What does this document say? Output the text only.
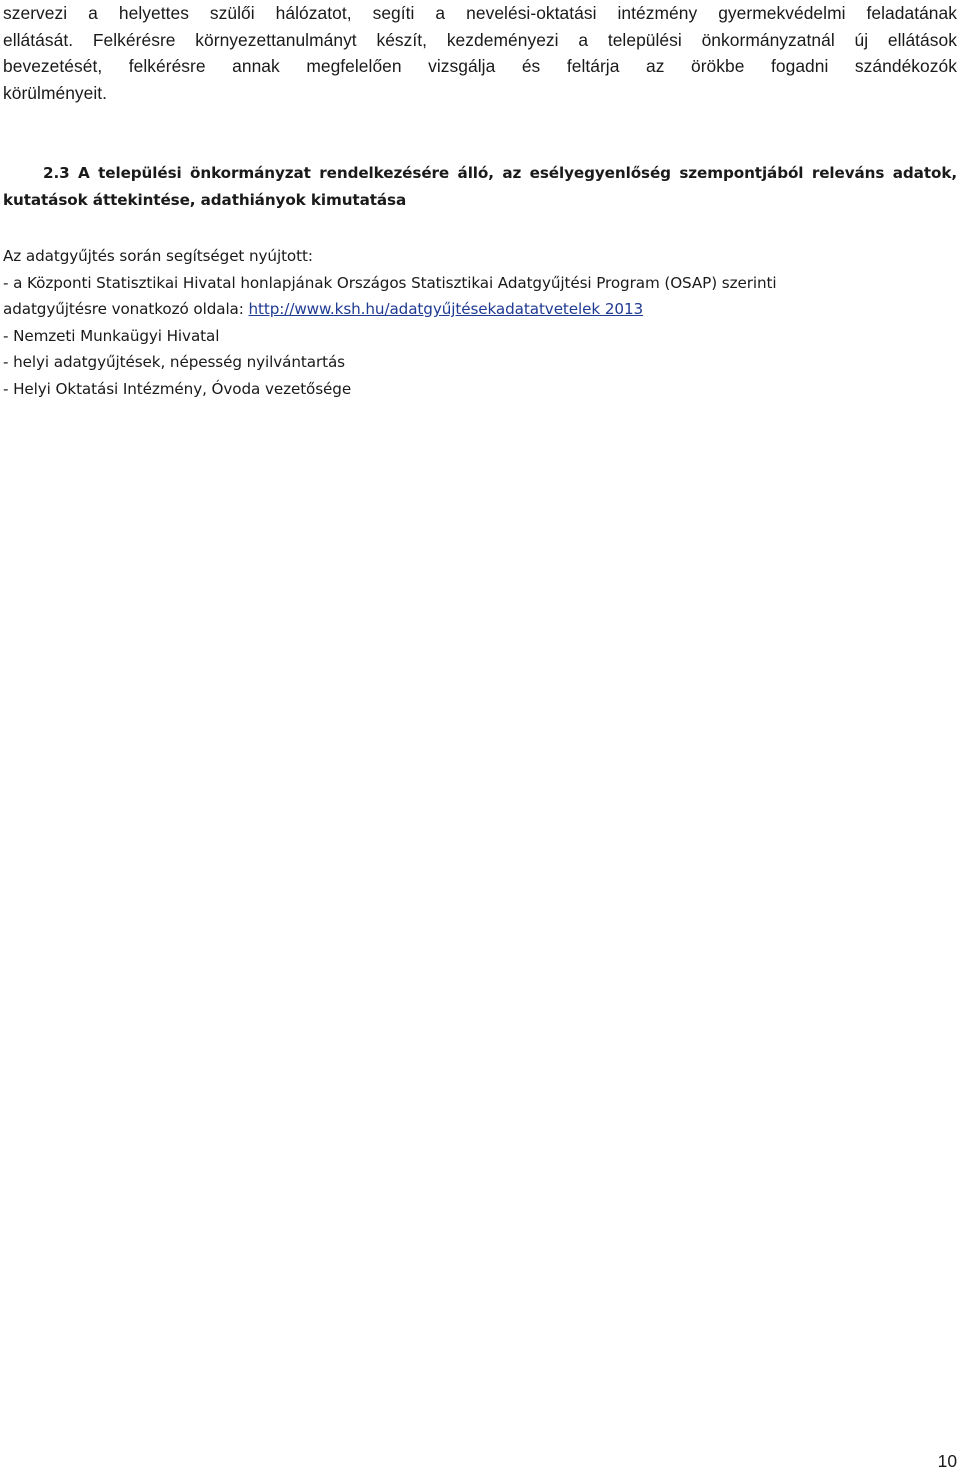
szervezi a helyettes szülői hálózatot, segíti a nevelési-oktatási intézmény gyermekvédelmi feladatának
ellátását. Felkérésre környezettanulmányt készít, kezdeményezi a települési önkormányzatnál új ellátások
bevezetését, felkérésre annak megfelelően vizsgálja és feltárja az örökbe fogadni szándékozók
körülményeit.

2.3 A települési önkormányzat rendelkezésére álló, az esélyegyenlőség szempontjából releváns adatok,
kutatások áttekintése, adathiányok kimutatása
Az adatgyűjtés során segítséget nyújtott:
- a Központi Statisztikai Hivatal honlapjának Országos Statisztikai Adatgyűjtési Program (OSAP) szerinti
adatgyűjtésre vonatkozó oldala: http://www.ksh.hu/adatgyűjtésekadatatvetelek 2013
- Nemzeti Munkaügyi Hivatal
- helyi adatgyűjtések, népesség nyilvántartás
- Helyi Oktatási Intézmény, Óvoda vezetősége
10
